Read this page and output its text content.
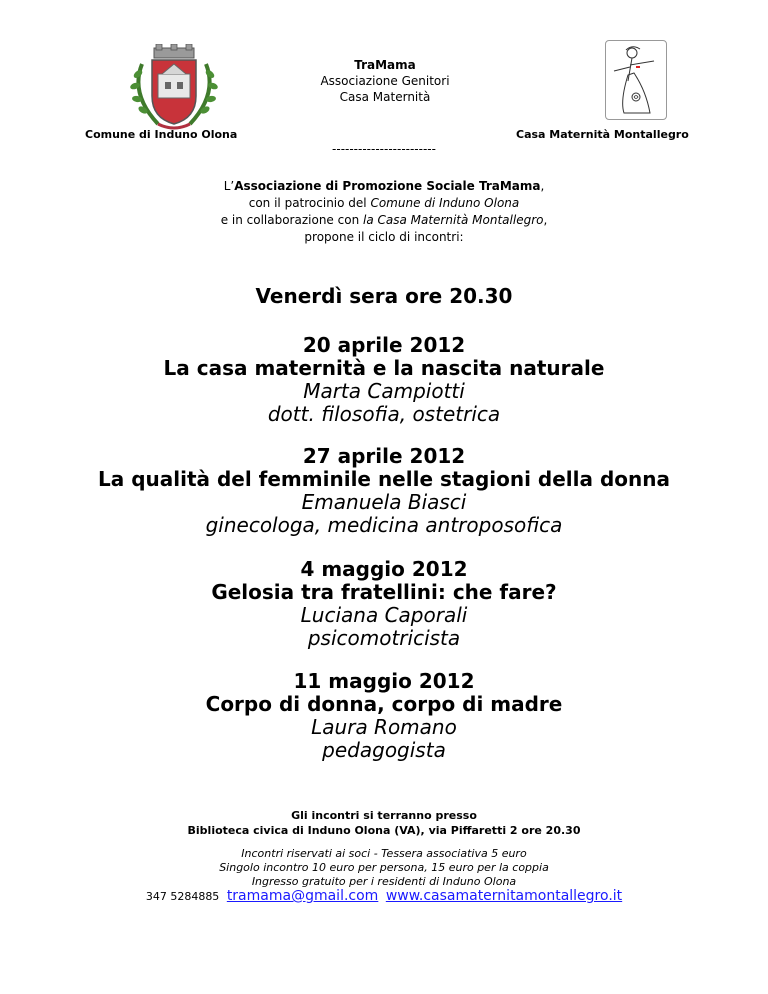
TraMama
Associazione Genitori
Casa Maternità
Comune di Induno Olona	Casa Maternità Montallegro
------------------------
L’Associazione di Promozione Sociale TraMama,
con il patrocinio del Comune di Induno Olona
e in collaborazione con la Casa Maternità Montallegro,
propone il ciclo di incontri:
Venerdì sera ore 20.30
20 aprile 2012
La casa maternità e la nascita naturale
Marta Campiotti
dott. filosofia, ostetrica
27 aprile 2012
La qualità del femminile nelle stagioni della donna
Emanuela Biasci
ginecologa, medicina antroposofica
4 maggio 2012
Gelosia tra fratellini: che fare?
Luciana Caporali
psicomotricista
11 maggio 2012
Corpo di donna, corpo di madre
Laura Romano
pedagogista
Gli incontri si terranno presso
Biblioteca civica di Induno Olona (VA), via Piffaretti 2 ore 20.30
Incontri riservati ai soci - Tessera associativa 5 euro
Singolo incontro 10 euro per persona, 15 euro per la coppia
Ingresso gratuito per i residenti di Induno Olona
347 5284885 tramama@gmail.com www.casamaternitamontallegro.it
